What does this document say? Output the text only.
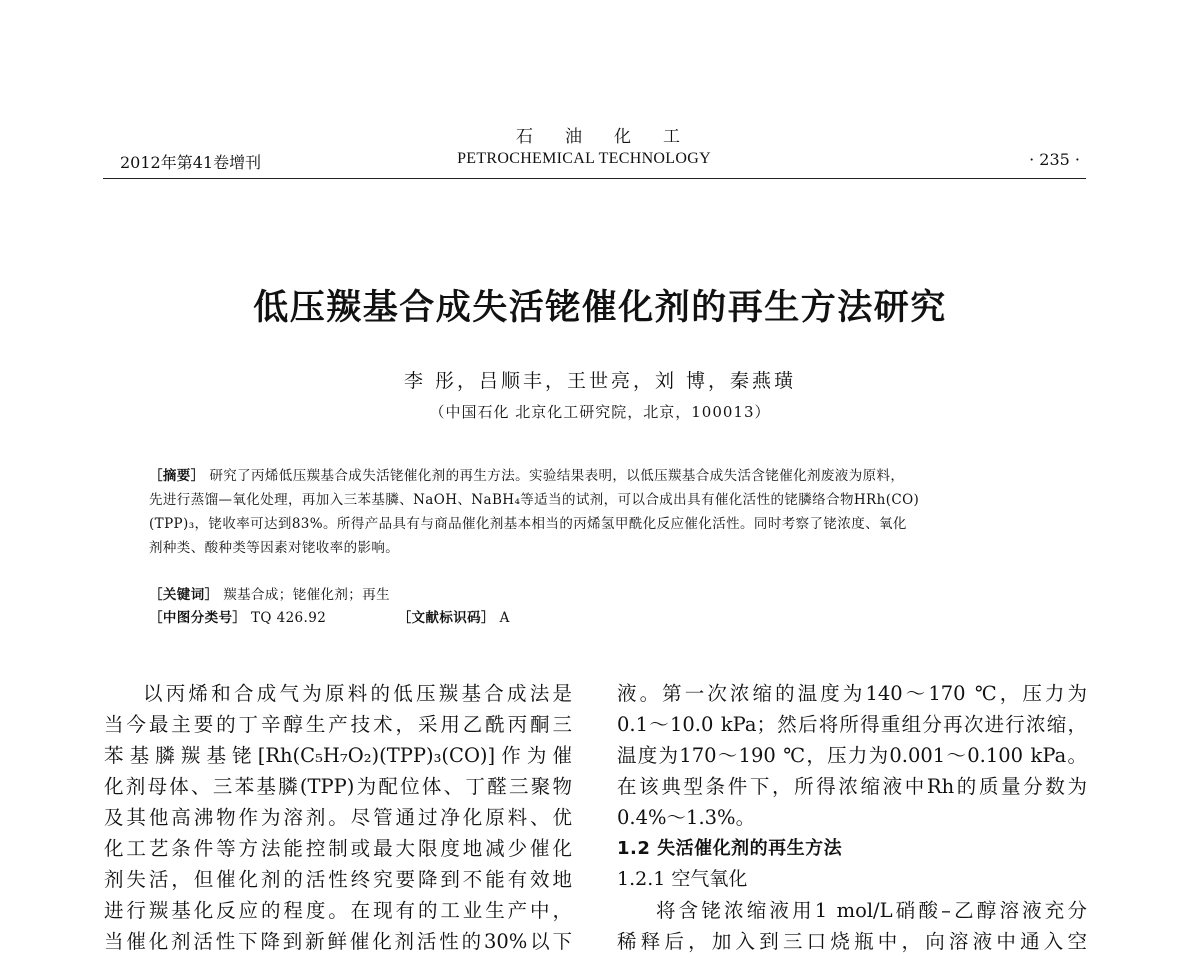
石 油 化 工
2012年第41卷增刊	PETROCHEMICAL TECHNOLOGY	· 235 ·
低压羰基合成失活铑催化剂的再生方法研究
李 彤，吕顺丰，王世亮，刘 博，秦燕璜
（中国石化 北京化工研究院，北京，100013）
［摘要］ 研究了丙烯低压羰基合成失活铑催化剂的再生方法。实验结果表明，以低压羰基合成失活含铑催化剂废液为原料，
先进行蒸馏—氧化处理，再加入三苯基膦、NaOH、NaBH₄等适当的试剂，可以合成出具有催化活性的铑膦络合物HRh(CO)
(TPP)₃，铑收率可达到83%。所得产品具有与商品催化剂基本相当的丙烯氢甲酰化反应催化活性。同时考察了铑浓度、氧化
剂种类、酸种类等因素对铑收率的影响。
［关键词］ 羰基合成；铑催化剂；再生
［中图分类号］ TQ 426.92	［文献标识码］ A

以丙烯和合成气为原料的低压羰基合成法是

当今最主要的丁辛醇生产技术，采用乙酰丙酮三

苯基膦羰基铑[Rh(C₅H₇O₂)(TPP)₃(CO)]作为催

化剂母体、三苯基膦(TPP)为配位体、丁醛三聚物

及其他高沸物作为溶剂。尽管通过净化原料、优

化工艺条件等方法能控制或最大限度地减少催化

剂失活，但催化剂的活性终究要降到不能有效地

进行羰基化反应的程度。在现有的工业生产中，

当催化剂活性下降到新鲜催化剂活性的30%以下

液。第一次浓缩的温度为140～170 ℃，压力为

0.1～10.0 kPa；然后将所得重组分再次进行浓缩，

温度为170～190 ℃，压力为0.001～0.100 kPa。

在该典型条件下，所得浓缩液中Rh的质量分数为

0.4%～1.3%。

1.2 失活催化剂的再生方法

1.2.1 空气氧化

将含铑浓缩液用1 mol/L硝酸–乙醇溶液充分

稀释后，加入到三口烧瓶中，向溶液中通入空
